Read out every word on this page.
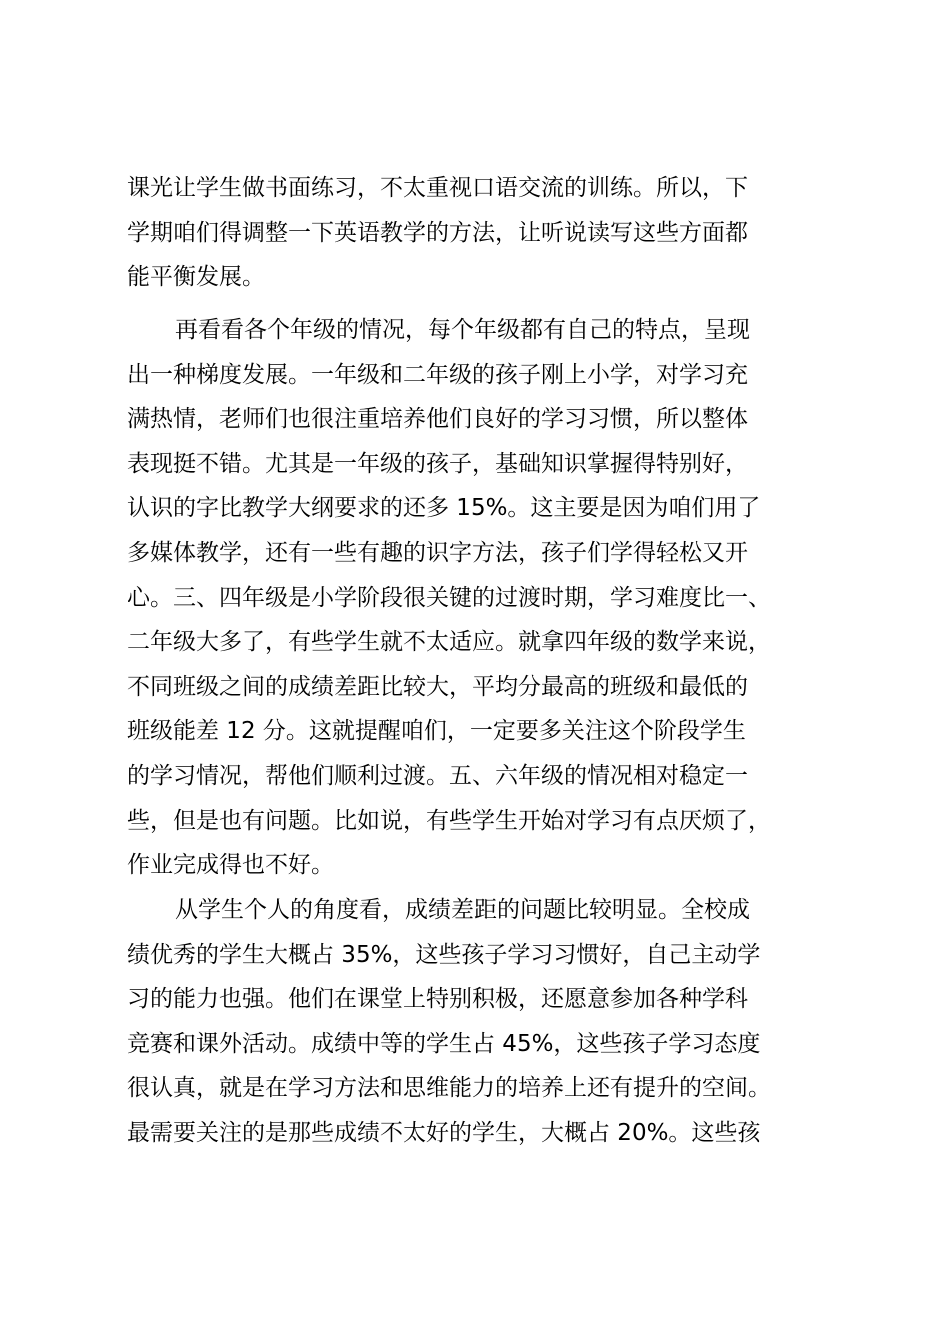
课光让学生做书面练习，不太重视口语交流的训练。所以，下
学期咱们得调整一下英语教学的方法，让听说读写这些方面都
能平衡发展。
再看看各个年级的情况，每个年级都有自己的特点，呈现
出一种梯度发展。一年级和二年级的孩子刚上小学，对学习充
满热情，老师们也很注重培养他们良好的学习习惯，所以整体
表现挺不错。尤其是一年级的孩子，基础知识掌握得特别好，
认识的字比教学大纲要求的还多 15%。这主要是因为咱们用了
多媒体教学，还有一些有趣的识字方法，孩子们学得轻松又开
心。三、四年级是小学阶段很关键的过渡时期，学习难度比一、
二年级大多了，有些学生就不太适应。就拿四年级的数学来说，
不同班级之间的成绩差距比较大，平均分最高的班级和最低的
班级能差 12 分。这就提醒咱们，一定要多关注这个阶段学生
的学习情况，帮他们顺利过渡。五、六年级的情况相对稳定一
些，但是也有问题。比如说，有些学生开始对学习有点厌烦了，
作业完成得也不好。
从学生个人的角度看，成绩差距的问题比较明显。全校成
绩优秀的学生大概占 35%，这些孩子学习习惯好，自己主动学
习的能力也强。他们在课堂上特别积极，还愿意参加各种学科
竞赛和课外活动。成绩中等的学生占 45%，这些孩子学习态度
很认真，就是在学习方法和思维能力的培养上还有提升的空间。
最需要关注的是那些成绩不太好的学生，大概占 20%。这些孩
